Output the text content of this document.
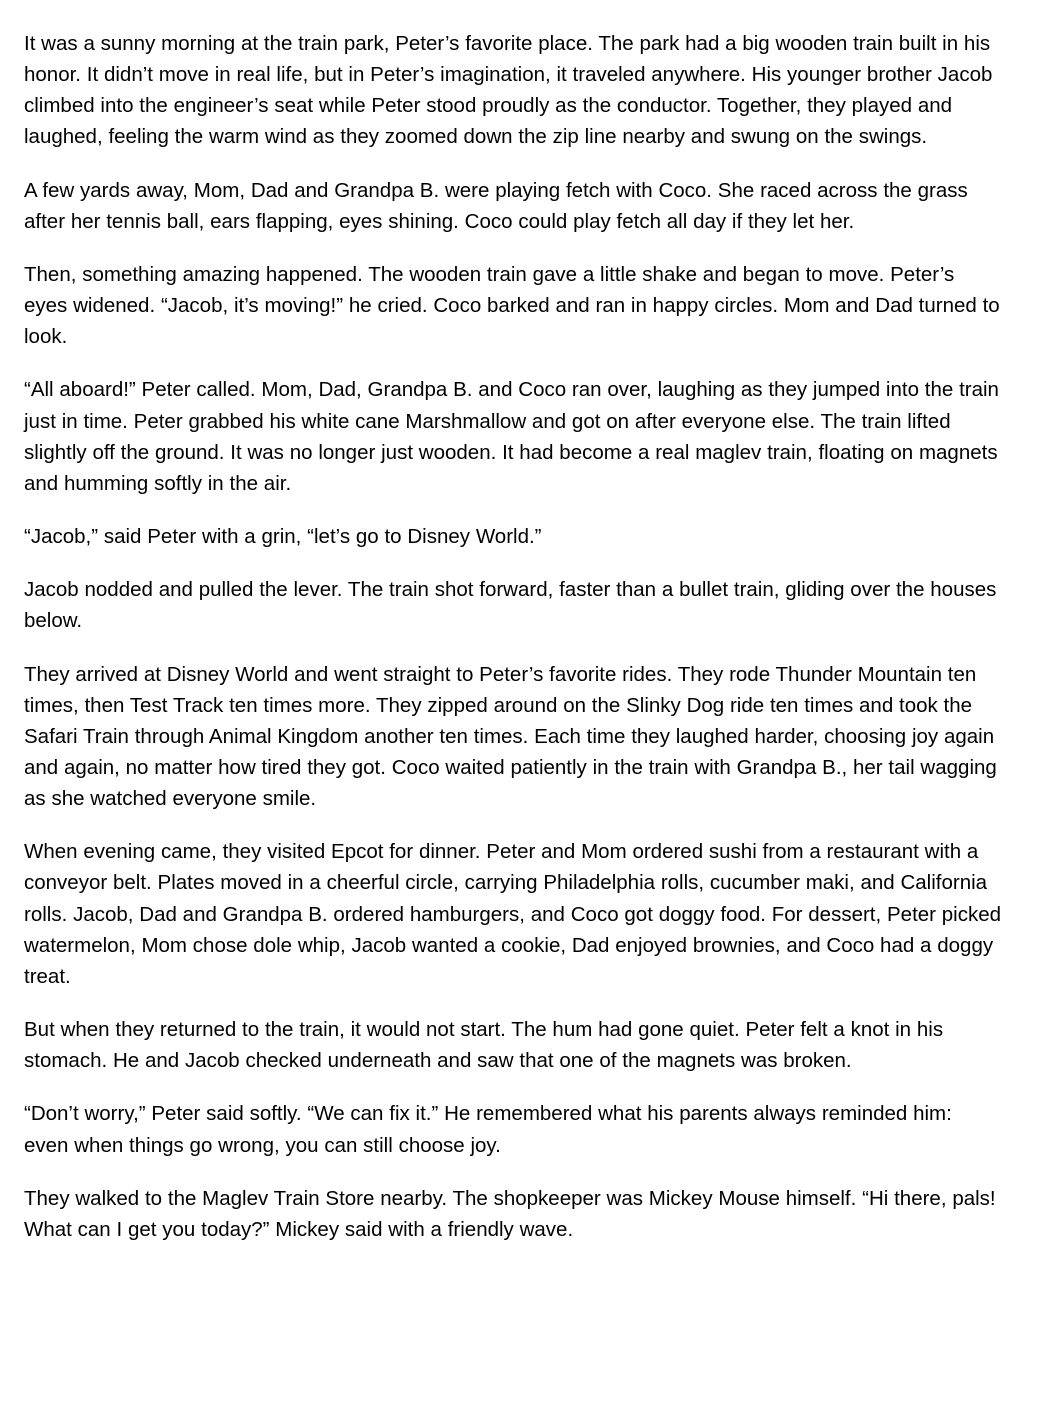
It was a sunny morning at the train park, Peter’s favorite place. The park had a big wooden train built in his honor. It didn’t move in real life, but in Peter’s imagination, it traveled anywhere. His younger brother Jacob climbed into the engineer’s seat while Peter stood proudly as the conductor. Together, they played and laughed, feeling the warm wind as they zoomed down the zip line nearby and swung on the swings.

A few yards away, Mom, Dad and Grandpa B. were playing fetch with Coco. She raced across the grass after her tennis ball, ears flapping, eyes shining. Coco could play fetch all day if they let her.

Then, something amazing happened. The wooden train gave a little shake and began to move. Peter’s eyes widened. “Jacob, it’s moving!” he cried. Coco barked and ran in happy circles. Mom and Dad turned to look.

“All aboard!” Peter called. Mom, Dad, Grandpa B. and Coco ran over, laughing as they jumped into the train just in time. Peter grabbed his white cane Marshmallow and got on after everyone else. The train lifted slightly off the ground. It was no longer just wooden. It had become a real maglev train, floating on magnets and humming softly in the air.

“Jacob,” said Peter with a grin, “let’s go to Disney World.”

Jacob nodded and pulled the lever. The train shot forward, faster than a bullet train, gliding over the houses below.

They arrived at Disney World and went straight to Peter’s favorite rides. They rode Thunder Mountain ten times, then Test Track ten times more. They zipped around on the Slinky Dog ride ten times and took the Safari Train through Animal Kingdom another ten times. Each time they laughed harder, choosing joy again and again, no matter how tired they got. Coco waited patiently in the train with Grandpa B., her tail wagging as she watched everyone smile.

When evening came, they visited Epcot for dinner. Peter and Mom ordered sushi from a restaurant with a conveyor belt. Plates moved in a cheerful circle, carrying Philadelphia rolls, cucumber maki, and California rolls. Jacob, Dad and Grandpa B. ordered hamburgers, and Coco got doggy food. For dessert, Peter picked watermelon, Mom chose dole whip, Jacob wanted a cookie, Dad enjoyed brownies, and Coco had a doggy treat.

But when they returned to the train, it would not start. The hum had gone quiet. Peter felt a knot in his stomach. He and Jacob checked underneath and saw that one of the magnets was broken.

“Don’t worry,” Peter said softly. “We can fix it.” He remembered what his parents always reminded him: even when things go wrong, you can still choose joy.

They walked to the Maglev Train Store nearby. The shopkeeper was Mickey Mouse himself. “Hi there, pals! What can I get you today?” Mickey said with a friendly wave.
